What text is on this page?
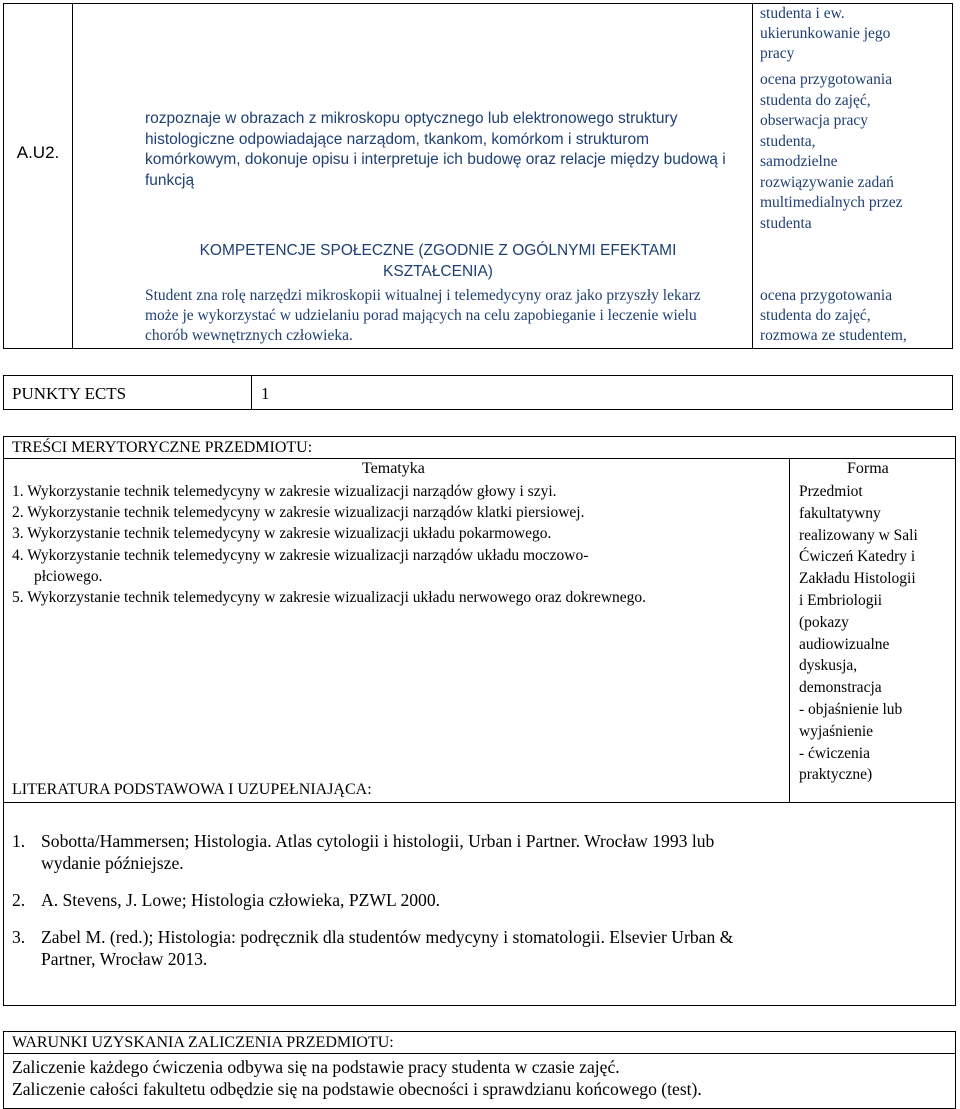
A.U2.
rozpoznaje w obrazach z mikroskopu optycznego lub elektronowego struktury histologiczne odpowiadające narządom, tkankom, komórkom i strukturom komórkowym, dokonuje opisu i interpretuje ich budowę oraz relacje między budową i funkcją
KOMPETENCJE SPOŁECZNE (ZGODNIE Z OGÓLNYMI EFEKTAMI KSZTAŁCENIA)
Student zna rolę narzędzi mikroskopii witualnej i telemedycyny oraz jako przyszły lekarz może je wykorzystać w udzielaniu porad mających na celu zapobieganie i leczenie wielu chorób wewnętrznych człowieka.
studenta i ew.
ukierunkowanie jego
pracy
ocena przygotowania
studenta do zajęć,
obserwacja pracy
studenta,
samodzielne
rozwiązywanie zadań
multimedialnych przez
studenta
ocena przygotowania
studenta do zajęć,
rozmowa ze studentem,
PUNKTY ECTS	1
TREŚCI MERYTORYCZNE PRZEDMIOTU:
Tematyka	Forma
1. Wykorzystanie technik telemedycyny w zakresie wizualizacji narządów głowy i szyi.
2. Wykorzystanie technik telemedycyny w zakresie wizualizacji narządów klatki piersiowej.
3. Wykorzystanie technik telemedycyny w zakresie wizualizacji układu pokarmowego.
4. Wykorzystanie technik telemedycyny w zakresie wizualizacji narządów układu moczowo-
płciowego.
5. Wykorzystanie technik telemedycyny w zakresie wizualizacji układu nerwowego oraz dokrewnego.
Przedmiot
fakultatywny
realizowany w Sali
Ćwiczeń Katedry i
Zakładu Histologii
i Embriologii
(pokazy
audiowizualne
dyskusja,
demonstracja
- objaśnienie lub
wyjaśnienie
- ćwiczenia
praktyczne)
LITERATURA PODSTAWOWA I UZUPEŁNIAJĄCA:
1. Sobotta/Hammersen; Histologia. Atlas cytologii i histologii, Urban i Partner. Wrocław 1993 lub
wydanie późniejsze.
2. A. Stevens, J. Lowe; Histologia człowieka, PZWL 2000.
3. Zabel M. (red.); Histologia: podręcznik dla studentów medycyny i stomatologii. Elsevier Urban &
Partner, Wrocław 2013.
WARUNKI UZYSKANIA ZALICZENIA PRZEDMIOTU:
Zaliczenie każdego ćwiczenia odbywa się na podstawie pracy studenta w czasie zajęć.
Zaliczenie całości fakultetu odbędzie się na podstawie obecności i sprawdzianu końcowego (test).
